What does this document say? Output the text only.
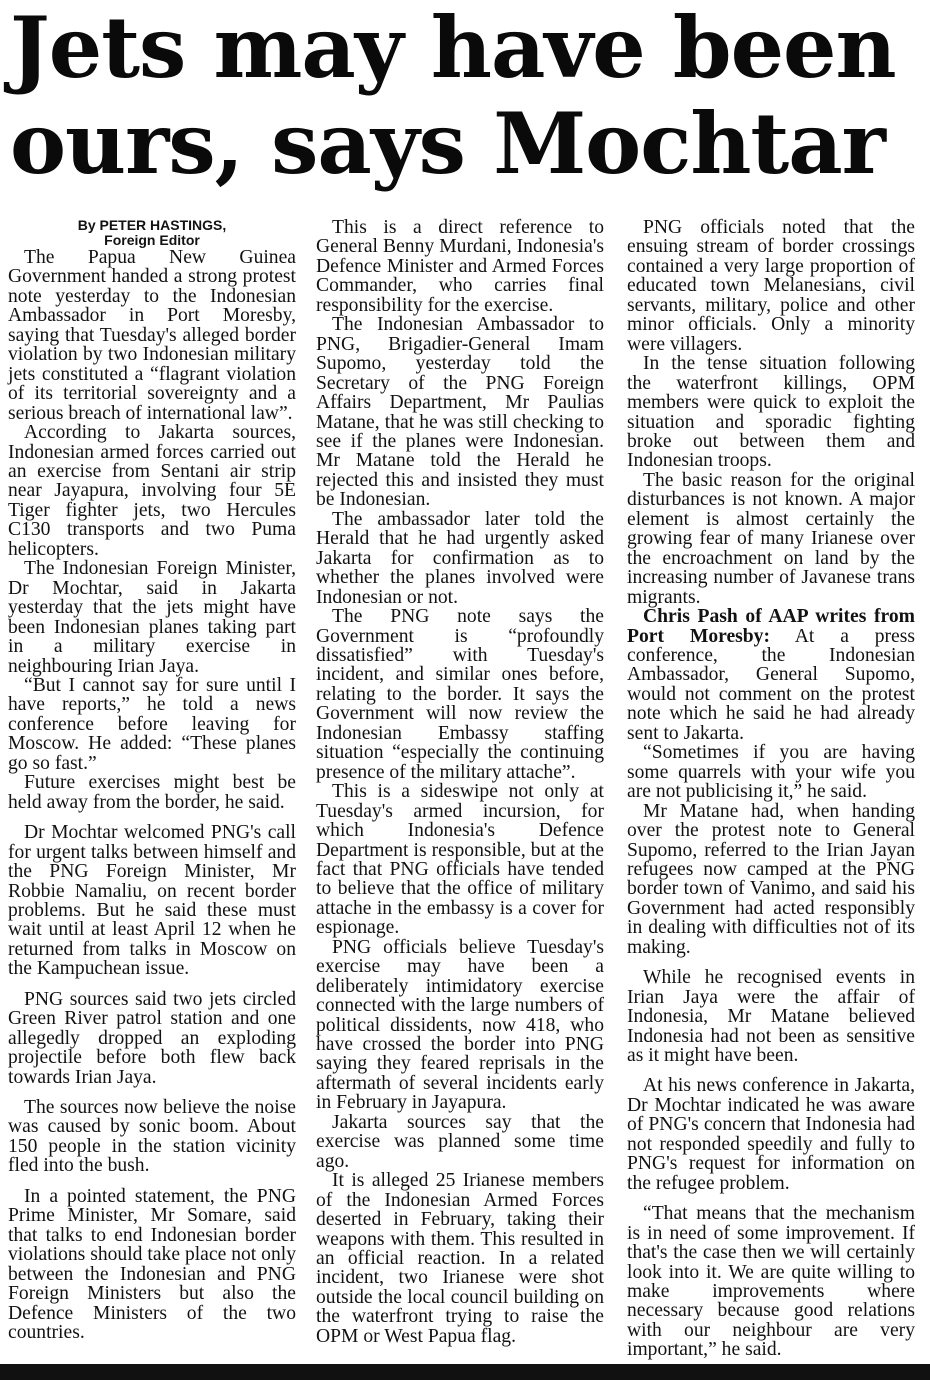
Jets may have been
ours, says Mochtar
By PETER HASTINGS,
Foreign Editor

The Papua New Guinea Government handed a strong protest note yesterday to the Indonesian Ambassador in Port Moresby, saying that Tuesday's alleged border violation by two Indonesian military jets constituted a “flagrant violation of its territorial sovereignty and a serious breach of international law”.

According to Jakarta sources, Indonesian armed forces carried out an exercise from Sentani air strip near Jayapura, involving four 5E Tiger fighter jets, two Hercules C130 transports and two Puma helicopters.

The Indonesian Foreign Minister, Dr Mochtar, said in Jakarta yesterday that the jets might have been Indonesian planes taking part in a military exercise in neighbouring Irian Jaya.

“But I cannot say for sure until I have reports,” he told a news conference before leaving for Moscow. He added: “These planes go so fast.”

Future exercises might best be held away from the border, he said.

Dr Mochtar welcomed PNG's call for urgent talks between himself and the PNG Foreign Minister, Mr Robbie Namaliu, on recent border problems. But he said these must wait until at least April 12 when he returned from talks in Moscow on the Kampuchean issue.

PNG sources said two jets circled Green River patrol station and one allegedly dropped an exploding projectile before both flew back towards Irian Jaya.

The sources now believe the noise was caused by sonic boom. About 150 people in the station vicinity fled into the bush.

In a pointed statement, the PNG Prime Minister, Mr Somare, said that talks to end Indonesian border violations should take place not only between the Indonesian and PNG Foreign Ministers but also the Defence Ministers of the two countries.

This is a direct reference to General Benny Murdani, Indonesia's Defence Minister and Armed Forces Commander, who carries final responsibility for the exercise.

The Indonesian Ambassador to PNG, Brigadier-General Imam Supomo, yesterday told the Secretary of the PNG Foreign Affairs Department, Mr Paulias Matane, that he was still checking to see if the planes were Indonesian. Mr Matane told the Herald he rejected this and insisted they must be Indonesian.

The ambassador later told the Herald that he had urgently asked Jakarta for confirmation as to whether the planes involved were Indonesian or not.

The PNG note says the Government is “profoundly dissatisfied” with Tuesday's incident, and similar ones before, relating to the border. It says the Government will now review the Indonesian Embassy staffing situation “especially the continuing presence of the military attache”.

This is a sideswipe not only at Tuesday's armed incursion, for which Indonesia's Defence Department is responsible, but at the fact that PNG officials have tended to believe that the office of military attache in the embassy is a cover for espionage.

PNG officials believe Tuesday's exercise may have been a deliberately intimidatory exercise connected with the large numbers of political dissidents, now 418, who have crossed the border into PNG saying they feared reprisals in the aftermath of several incidents early in February in Jayapura.

Jakarta sources say that the exercise was planned some time ago.

It is alleged 25 Irianese members of the Indonesian Armed Forces deserted in February, taking their weapons with them. This resulted in an official reaction. In a related incident, two Irianese were shot outside the local council building on the waterfront trying to raise the OPM or West Papua flag.

PNG officials noted that the ensuing stream of border crossings contained a very large proportion of educated town Melanesians, civil servants, military, police and other minor officials. Only a minority were villagers.

In the tense situation following the waterfront killings, OPM members were quick to exploit the situation and sporadic fighting broke out between them and Indonesian troops.

The basic reason for the original disturbances is not known. A major element is almost certainly the growing fear of many Irianese over the encroachment on land by the increasing number of Javanese trans migrants.

Chris Pash of AAP writes from Port Moresby: At a press conference, the Indonesian Ambassador, General Supomo, would not comment on the protest note which he said he had already sent to Jakarta.

“Sometimes if you are having some quarrels with your wife you are not publicising it,” he said.

Mr Matane had, when handing over the protest note to General Supomo, referred to the Irian Jayan refugees now camped at the PNG border town of Vanimo, and said his Government had acted responsibly in dealing with difficulties not of its making.

While he recognised events in Irian Jaya were the affair of Indonesia, Mr Matane believed Indonesia had not been as sensitive as it might have been.

At his news conference in Jakarta, Dr Mochtar indicated he was aware of PNG's concern that Indonesia had not responded speedily and fully to PNG's request for information on the refugee problem.

“That means that the mechanism is in need of some improvement. If that's the case then we will certainly look into it. We are quite willing to make improvements where necessary because good relations with our neighbour are very important,” he said.
